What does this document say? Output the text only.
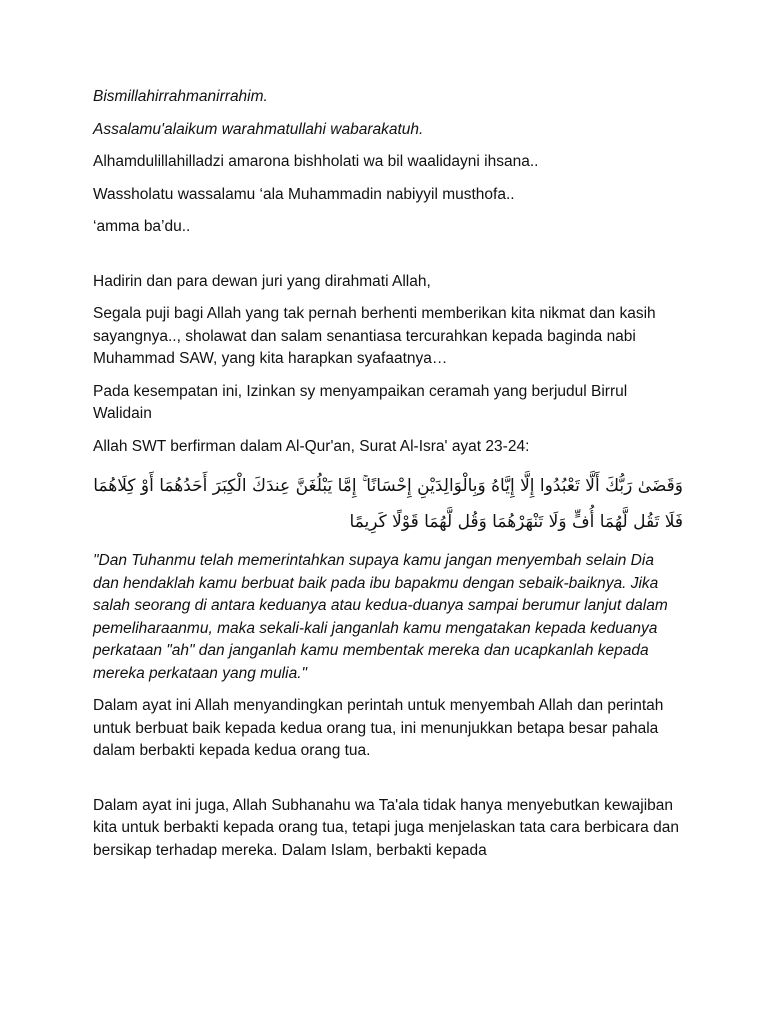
Bismillahirrahmanirrahim.

Assalamu'alaikum warahmatullahi wabarakatuh.

Alhamdulillahilladzi amarona bishholati wa bil waalidayni ihsana..

Wassholatu wassalamu ‘ala Muhammadin nabiyyil musthofa..

‘amma ba’du..

Hadirin dan para dewan juri yang dirahmati Allah,

Segala puji bagi Allah yang tak pernah berhenti memberikan kita nikmat dan kasih sayangnya.., sholawat dan salam senantiasa tercurahkan kepada baginda nabi Muhammad SAW, yang kita harapkan syafaatnya…

Pada kesempatan ini, Izinkan sy menyampaikan ceramah yang berjudul Birrul Walidain

Allah SWT berfirman dalam Al-Qur'an, Surat Al-Isra' ayat 23-24:

وَقَضَىٰ رَبُّكَ أَلَّا تَعْبُدُوا إِلَّا إِيَّاهُ وَبِالْوَالِدَيْنِ إِحْسَانًا ۚ إِمَّا يَبْلُغَنَّ عِندَكَ الْكِبَرَ أَحَدُهُمَا أَوْ كِلَاهُمَا
فَلَا تَقُل لَّهُمَا أُفٍّ وَلَا تَنْهَرْهُمَا وَقُل لَّهُمَا قَوْلًا كَرِيمًا

"Dan Tuhanmu telah memerintahkan supaya kamu jangan menyembah selain Dia dan hendaklah kamu berbuat baik pada ibu bapakmu dengan sebaik-baiknya. Jika salah seorang di antara keduanya atau kedua-duanya sampai berumur lanjut dalam pemeliharaanmu, maka sekali-kali janganlah kamu mengatakan kepada keduanya perkataan "ah" dan janganlah kamu membentak mereka dan ucapkanlah kepada mereka perkataan yang mulia."

Dalam ayat ini Allah menyandingkan perintah untuk menyembah Allah dan perintah untuk berbuat baik kepada kedua orang tua, ini menunjukkan betapa besar pahala dalam berbakti kepada kedua orang tua.

Dalam ayat ini juga, Allah Subhanahu wa Ta'ala tidak hanya menyebutkan kewajiban kita untuk berbakti kepada orang tua, tetapi juga menjelaskan tata cara berbicara dan bersikap terhadap mereka. Dalam Islam, berbakti kepada
